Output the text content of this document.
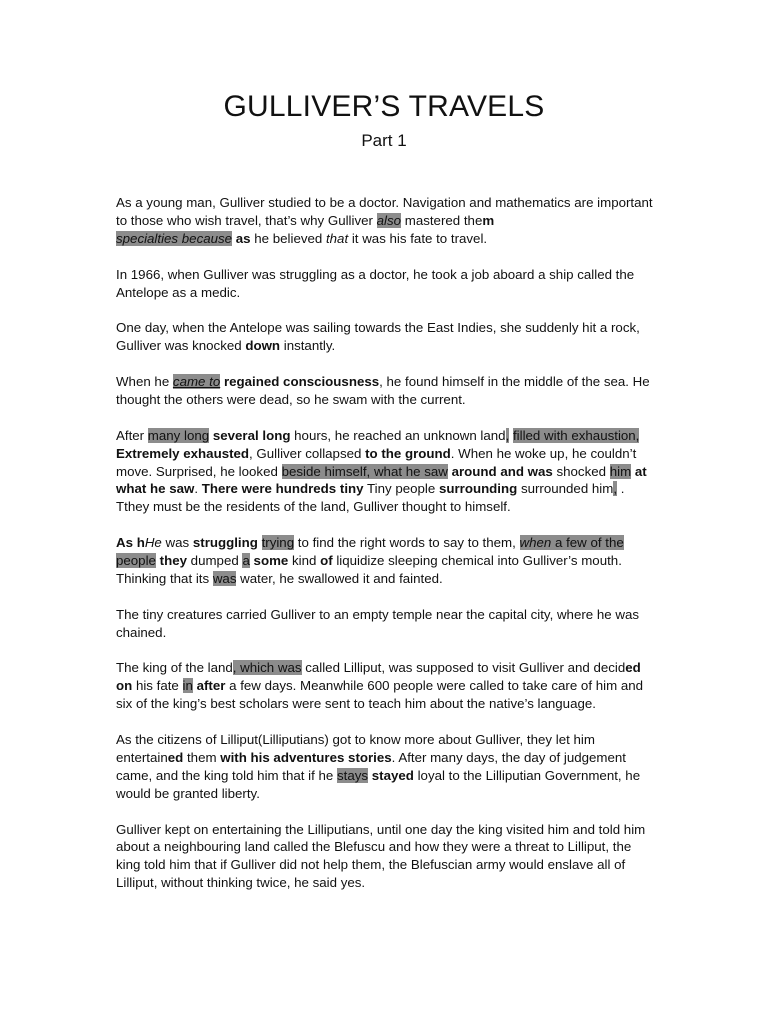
GULLIVER’S TRAVELS
Part 1

As a young man, Gulliver studied to be a doctor. Navigation and mathematics are important to those who wish travel, that’s why Gulliver also mastered them
specialties because as he believed that it was his fate to travel.

In 1966, when Gulliver was struggling as a doctor, he took a job aboard a ship called the Antelope as a medic.

One day, when the Antelope was sailing towards the East Indies, she suddenly hit a rock, Gulliver was knocked down instantly.

When he came to regained consciousness, he found himself in the middle of the sea. He thought the others were dead, so he swam with the current.

After many long several long hours, he reached an unknown land, filled with exhaustion, Extremely exhausted, Gulliver collapsed to the ground. When he woke up, he couldn’t move. Surprised, he looked beside himself, what he saw around and was shocked him at what he saw. There were hundreds tiny Tiny people surrounding surrounded him, . Tthey must be the residents of the land, Gulliver thought to himself.

As hHe was struggling trying to find the right words to say to them, when a few of the people they dumped a some kind of liquidize sleeping chemical into Gulliver’s mouth. Thinking that its was water, he swallowed it and fainted.

The tiny creatures carried Gulliver to an empty temple near the capital city, where he was chained.

The king of the land, which was called Lilliput, was supposed to visit Gulliver and decided on his fate in after a few days. Meanwhile 600 people were called to take care of him and six of the king’s best scholars were sent to teach him about the native’s language.

As the citizens of Lilliput(Lilliputians) got to know more about Gulliver, they let him entertained them with his adventures stories. After many days, the day of judgement came, and the king told him that if he stays stayed loyal to the Lilliputian Government, he would be granted liberty.

Gulliver kept on entertaining the Lilliputians, until one day the king visited him and told him about a neighbouring land called the Blefuscu and how they were a threat to Lilliput, the king told him that if Gulliver did not help them, the Blefuscian army would enslave all of Lilliput, without thinking twice, he said yes.
